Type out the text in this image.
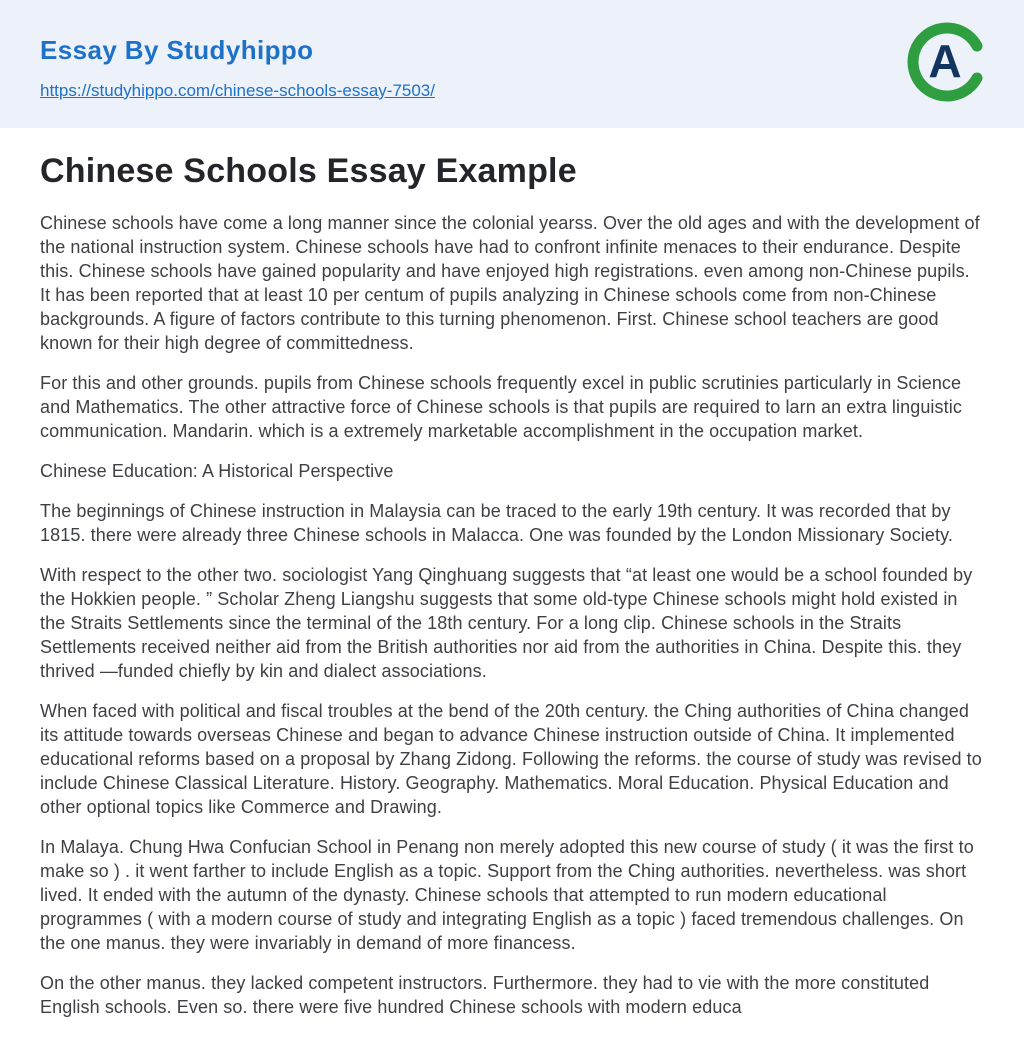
Essay By Studyhippo
https://studyhippo.com/chinese-schools-essay-7503/
A
Chinese Schools Essay Example

Chinese schools have come a long manner since the colonial yearss. Over the old ages and with the development of the national instruction system. Chinese schools have had to confront infinite menaces to their endurance. Despite this. Chinese schools have gained popularity and have enjoyed high registrations. even among non-Chinese pupils. It has been reported that at least 10 per centum of pupils analyzing in Chinese schools come from non-Chinese backgrounds. A figure of factors contribute to this turning phenomenon. First. Chinese school teachers are good known for their high degree of committedness.

For this and other grounds. pupils from Chinese schools frequently excel in public scrutinies particularly in Science and Mathematics. The other attractive force of Chinese schools is that pupils are required to larn an extra linguistic communication. Mandarin. which is a extremely marketable accomplishment in the occupation market.

Chinese Education: A Historical Perspective

The beginnings of Chinese instruction in Malaysia can be traced to the early 19th century. It was recorded that by 1815. there were already three Chinese schools in Malacca. One was founded by the London Missionary Society.

With respect to the other two. sociologist Yang Qinghuang suggests that “at least one would be a school founded by the Hokkien people. ” Scholar Zheng Liangshu suggests that some old-type Chinese schools might hold existed in the Straits Settlements since the terminal of the 18th century. For a long clip. Chinese schools in the Straits Settlements received neither aid from the British authorities nor aid from the authorities in China. Despite this. they thrived —funded chiefly by kin and dialect associations.

When faced with political and fiscal troubles at the bend of the 20th century. the Ching authorities of China changed its attitude towards overseas Chinese and began to advance Chinese instruction outside of China. It implemented educational reforms based on a proposal by Zhang Zidong. Following the reforms. the course of study was revised to include Chinese Classical Literature. History. Geography. Mathematics. Moral Education. Physical Education and other optional topics like Commerce and Drawing.

In Malaya. Chung Hwa Confucian School in Penang non merely adopted this new course of study ( it was the first to make so ) . it went farther to include English as a topic. Support from the Ching authorities. nevertheless. was short lived. It ended with the autumn of the dynasty. Chinese schools that attempted to run modern educational programmes ( with a modern course of study and integrating English as a topic ) faced tremendous challenges. On the one manus. they were invariably in demand of more financess.

On the other manus. they lacked competent instructors. Furthermore. they had to vie with the more constituted English schools. Even so. there were five hundred Chinese schools with modern educa
